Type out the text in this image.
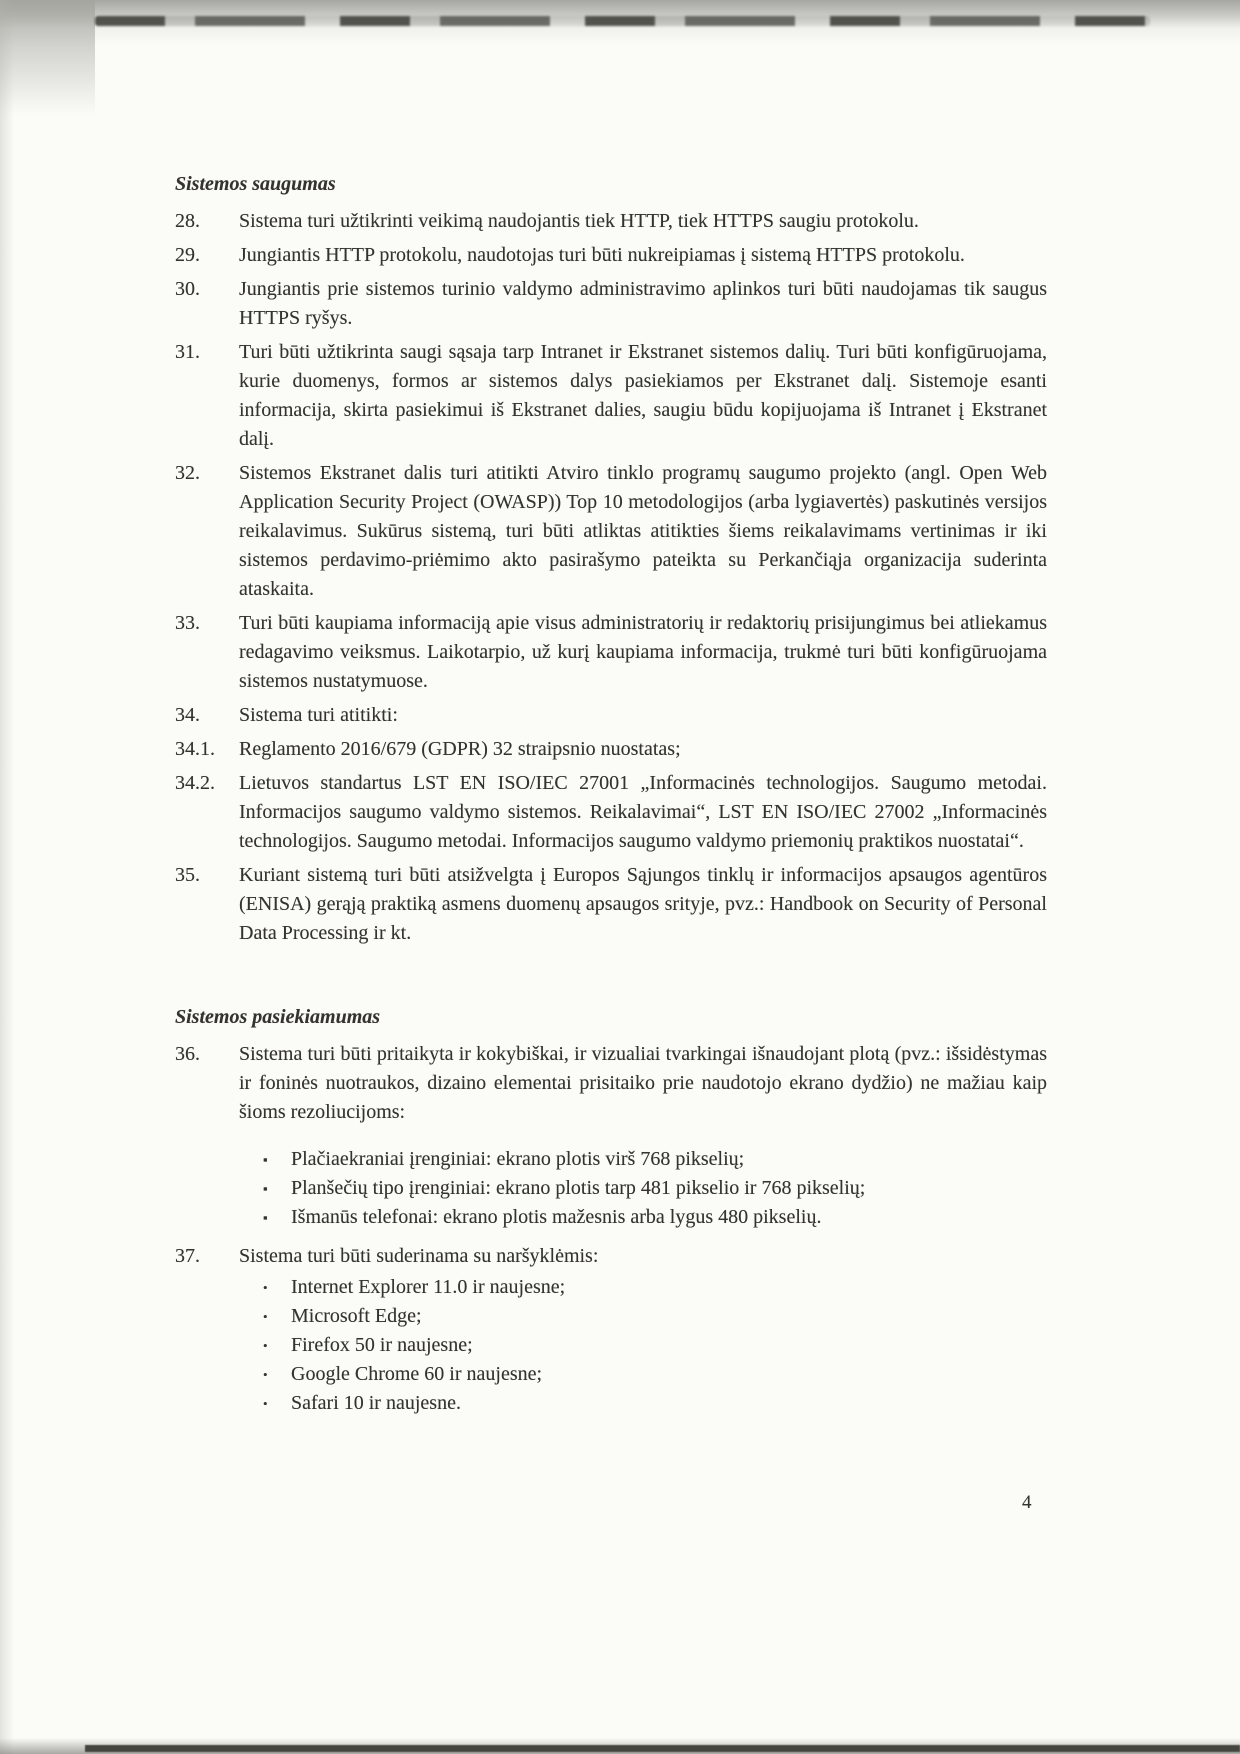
Sistemos saugumas
28.	Sistema turi užtikrinti veikimą naudojantis tiek HTTP, tiek HTTPS saugiu protokolu.
29.	Jungiantis HTTP protokolu, naudotojas turi būti nukreipiamas į sistemą HTTPS protokolu.
30.	Jungiantis prie sistemos turinio valdymo administravimo aplinkos turi būti naudojamas tik saugus HTTPS ryšys.
31.	Turi būti užtikrinta saugi sąsaja tarp Intranet ir Ekstranet sistemos dalių. Turi būti konfigūruojama, kurie duomenys, formos ar sistemos dalys pasiekiamos per Ekstranet dalį. Sistemoje esanti informacija, skirta pasiekimui iš Ekstranet dalies, saugiu būdu kopijuojama iš Intranet į Ekstranet dalį.
32.	Sistemos Ekstranet dalis turi atitikti Atviro tinklo programų saugumo projekto (angl. Open Web Application Security Project (OWASP)) Top 10 metodologijos (arba lygiavertės) paskutinės versijos reikalavimus. Sukūrus sistemą, turi būti atliktas atitikties šiems reikalavimams vertinimas ir iki sistemos perdavimo-priėmimo akto pasirašymo pateikta su Perkančiąja organizacija suderinta ataskaita.
33.	Turi būti kaupiama informaciją apie visus administratorių ir redaktorių prisijungimus bei atliekamus redagavimo veiksmus. Laikotarpio, už kurį kaupiama informacija, trukmė turi būti konfigūruojama sistemos nustatymuose.
34.	Sistema turi atitikti:
34.1.	Reglamento 2016/679 (GDPR) 32 straipsnio nuostatas;
34.2.	Lietuvos standartus LST EN ISO/IEC 27001 „Informacinės technologijos. Saugumo metodai. Informacijos saugumo valdymo sistemos. Reikalavimai“, LST EN ISO/IEC 27002 „Informacinės technologijos. Saugumo metodai. Informacijos saugumo valdymo priemonių praktikos nuostatai“.
35.	Kuriant sistemą turi būti atsižvelgta į Europos Sąjungos tinklų ir informacijos apsaugos agentūros (ENISA) gerąją praktiką asmens duomenų apsaugos srityje, pvz.: Handbook on Security of Personal Data Processing ir kt.
Sistemos pasiekiamumas
36.	Sistema turi būti pritaikyta ir kokybiškai, ir vizualiai tvarkingai išnaudojant plotą (pvz.: išsidėstymas ir foninės nuotraukos, dizaino elementai prisitaiko prie naudotojo ekrano dydžio) ne mažiau kaip šioms rezoliucijoms:
▪	Plačiaekraniai įrenginiai: ekrano plotis virš 768 pikselių;
▪	Planšečių tipo įrenginiai: ekrano plotis tarp 481 pikselio ir 768 pikselių;
▪	Išmanūs telefonai: ekrano plotis mažesnis arba lygus 480 pikselių.
37.	Sistema turi būti suderinama su naršyklėmis:
•	Internet Explorer 11.0 ir naujesne;
•	Microsoft Edge;
•	Firefox 50 ir naujesne;
•	Google Chrome 60 ir naujesne;
•	Safari 10 ir naujesne.
4
